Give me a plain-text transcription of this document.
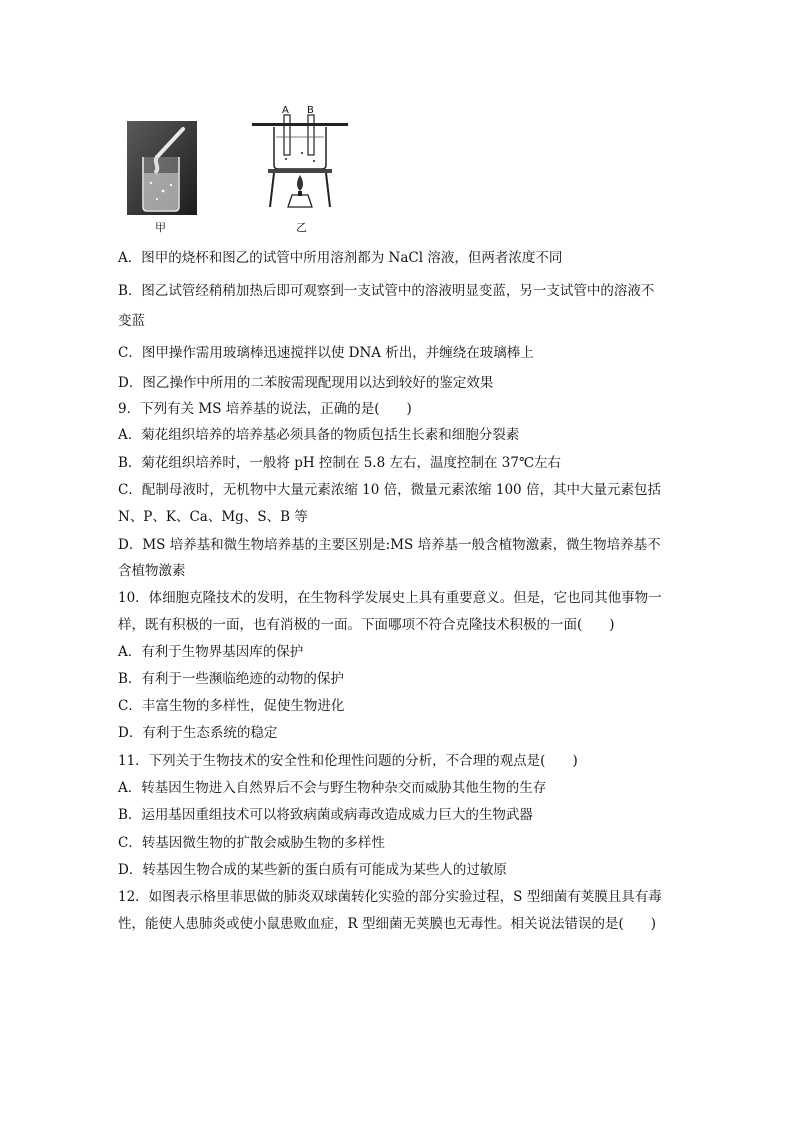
甲
A B
乙
A．图甲的烧杯和图乙的试管中所用溶剂都为 NaCl 溶液，但两者浓度不同
B．图乙试管经稍稍加热后即可观察到一支试管中的溶液明显变蓝，另一支试管中的溶液不
变蓝
C．图甲操作需用玻璃棒迅速搅拌以使 DNA 析出，并缠绕在玻璃棒上
D．图乙操作中所用的二苯胺需现配现用以达到较好的鉴定效果
9．下列有关 MS 培养基的说法，正确的是(　　)
A．菊花组织培养的培养基必须具备的物质包括生长素和细胞分裂素
B．菊花组织培养时，一般将 pH 控制在 5.8 左右，温度控制在 37℃左右
C．配制母液时，无机物中大量元素浓缩 10 倍，微量元素浓缩 100 倍，其中大量元素包括
N、P、K、Ca、Mg、S、B 等
D．MS 培养基和微生物培养基的主要区别是:MS 培养基一般含植物激素，微生物培养基不
含植物激素
10．体细胞克隆技术的发明，在生物科学发展史上具有重要意义。但是，它也同其他事物一
样，既有积极的一面，也有消极的一面。下面哪项不符合克隆技术积极的一面(　　)
A．有利于生物界基因库的保护
B．有利于一些濒临绝迹的动物的保护
C．丰富生物的多样性，促使生物进化
D．有利于生态系统的稳定
11．下列关于生物技术的安全性和伦理性问题的分析，不合理的观点是(　　)
A．转基因生物进入自然界后不会与野生物种杂交而威胁其他生物的生存
B．运用基因重组技术可以将致病菌或病毒改造成威力巨大的生物武器
C．转基因微生物的扩散会威胁生物的多样性
D．转基因生物合成的某些新的蛋白质有可能成为某些人的过敏原
12．如图表示格里菲思做的肺炎双球菌转化实验的部分实验过程，S 型细菌有荚膜且具有毒
性，能使人患肺炎或使小鼠患败血症，R 型细菌无荚膜也无毒性。相关说法错误的是(　　)
